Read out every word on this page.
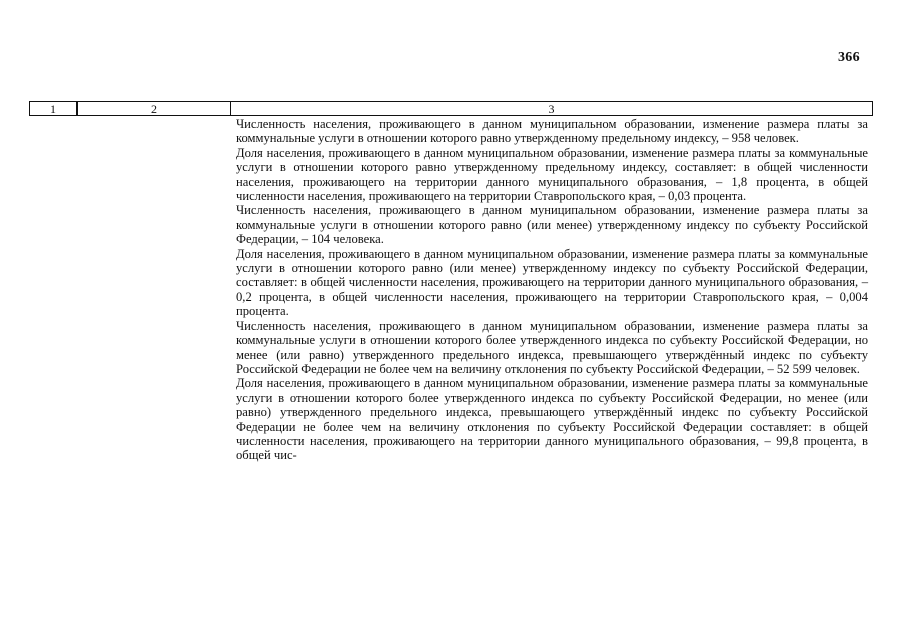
366
1	2	3

Численность населения, проживающего в данном муниципальном образовании, изменение размера платы за коммунальные услуги в отношении которого равно утвержденному предельному индексу, – 958 человек.

Доля населения, проживающего в данном муниципальном образовании, изменение размера платы за коммунальные услуги в отношении которого равно утвержденному предельному индексу, составляет: в общей численности населения, проживающего на территории данного муниципального образования, – 1,8 процента, в общей численности населения, проживающего на территории Ставропольского края, – 0,03 процента.

Численность населения, проживающего в данном муниципальном образовании, изменение размера платы за коммунальные услуги в отношении которого равно (или менее) утвержденному индексу по субъекту Российской Федерации, – 104 человека.

Доля населения, проживающего в данном муниципальном образовании, изменение размера платы за коммунальные услуги в отношении которого равно (или менее) утвержденному индексу по субъекту Российской Федерации, составляет: в общей численности населения, проживающего на территории данного муниципального образования, – 0,2 процента, в общей численности населения, проживающего на территории Ставропольского края, – 0,004 процента.

Численность населения, проживающего в данном муниципальном образовании, изменение размера платы за коммунальные услуги в отношении которого более утвержденного индекса по субъекту Российской Федерации, но менее (или равно) утвержденного предельного индекса, превышающего утверждённый индекс по субъекту Российской Федерации не более чем на величину отклонения по субъекту Российской Федерации, – 52 599 человек.

Доля населения, проживающего в данном муниципальном образовании, изменение размера платы за коммунальные услуги в отношении которого более утвержденного индекса по субъекту Российской Федерации, но менее (или равно) утвержденного предельного индекса, превышающего утверждённый индекс по субъекту Российской Федерации не более чем на величину отклонения по субъекту Российской Федерации составляет: в общей численности населения, проживающего на территории данного муниципального образования, – 99,8 процента, в общей чис-
